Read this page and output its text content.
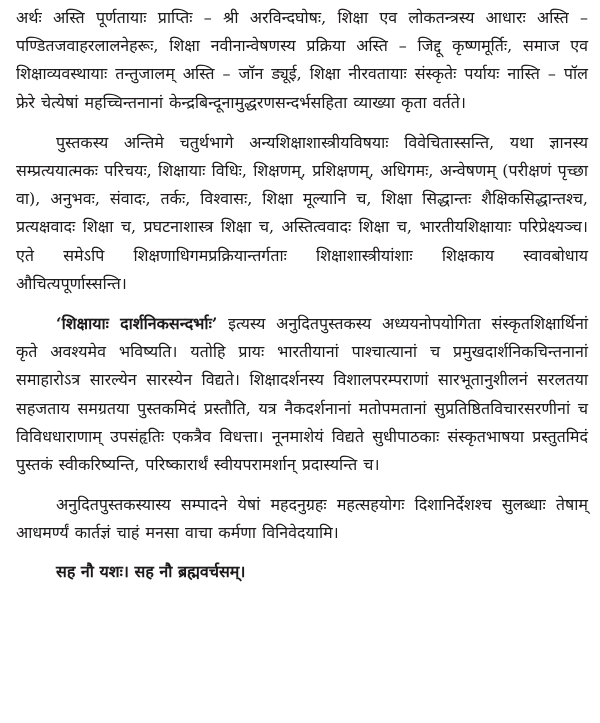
अर्थः अस्ति पूर्णतायाः प्राप्तिः – श्री अरविन्दघोषः, शिक्षा एव लोकतन्त्रस्य आधारः अस्ति – पण्डितजवाहरलालनेहरूः, शिक्षा नवीनान्वेषणस्य प्रक्रिया अस्ति – जिद्दू कृष्णमूर्तिः, समाज एव शिक्षाव्यवस्थायाः तन्तुजालम् अस्ति – जॉन ड्यूई, शिक्षा नीरवतायाः संस्कृतेः पर्यायः नास्ति – पॉल फ्रेरे चेत्येषां महच्चिन्तनानां केन्द्रबिन्दूनामुद्धरणसन्दर्भसहिता व्याख्या कृता वर्तते।

पुस्तकस्य अन्तिमे चतुर्थभागे अन्यशिक्षाशास्त्रीयविषयाः विवेचितास्सन्ति, यथा ज्ञानस्य सम्प्रत्ययात्मकः परिचयः, शिक्षायाः विधिः, शिक्षणम्, प्रशिक्षणम्, अधिगमः, अन्वेषणम् (परीक्षणं पृच्छा वा), अनुभवः, संवादः, तर्कः, विश्वासः, शिक्षा मूल्यानि च, शिक्षा सिद्धान्तः शैक्षिकसिद्धान्तश्च, प्रत्यक्षवादः शिक्षा च, प्रघटनाशास्त्र शिक्षा च, अस्तित्ववादः शिक्षा च, भारतीयशिक्षायाः परिप्रेक्ष्यञ्च। एते समेऽपि शिक्षणाधिगमप्रक्रियान्तर्गताः शिक्षाशास्त्रीयांशाः शिक्षकाय स्वावबोधाय औचित्यपूर्णास्सन्ति।

‘शिक्षायाः दार्शनिकसन्दर्भाः’ इत्यस्य अनुदितपुस्तकस्य अध्ययनोपयोगिता संस्कृतशिक्षार्थिनां कृते अवश्यमेव भविष्यति। यतोहि प्रायः भारतीयानां पाश्चात्यानां च प्रमुखदार्शनिकचिन्तनानां समाहारोऽत्र सारल्येन सारस्येन विद्यते। शिक्षादर्शनस्य विशालपरम्पराणां सारभूतानुशीलनं सरलतया सहजताय समग्रतया पुस्तकमिदं प्रस्तौति, यत्र नैकदर्शनानां मतोपमतानां सुप्रतिष्ठितविचारसरणीनां च विविधधाराणाम् उपसंहृतिः एकत्रैव विधत्ता। नूनमाशेयं विद्यते सुधीपाठकाः संस्कृतभाषया प्रस्तुतमिदं पुस्तकं स्वीकरिष्यन्ति, परिष्कारार्थं स्वीयपरामर्शान् प्रदास्यन्ति च।

अनुदितपुस्तकस्यास्य सम्पादने येषां महदनुग्रहः महत्सहयोगः दिशानिर्देशश्च सुलब्धाः तेषाम् आधमर्ण्यं कार्तज्ञं चाहं मनसा वाचा कर्मणा विनिवेदयामि।

सह नौ यशः। सह नौ ब्रह्मवर्चसम्।
